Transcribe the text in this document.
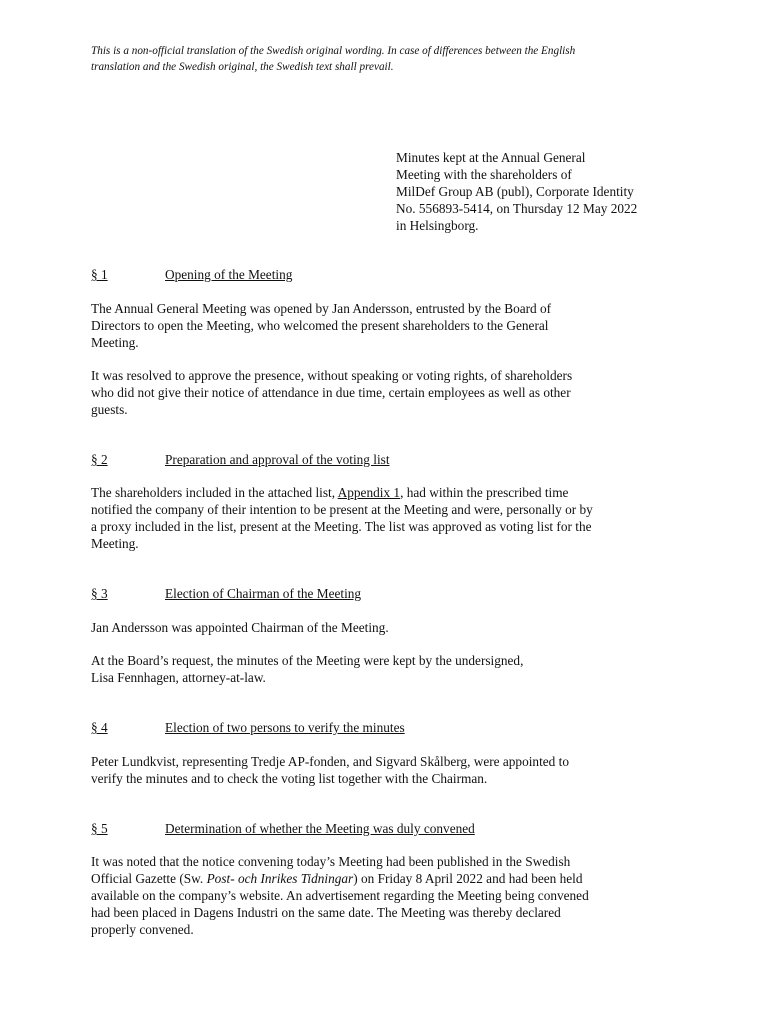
This is a non-official translation of the Swedish original wording. In case of differences between the English
translation and the Swedish original, the Swedish text shall prevail.

Minutes kept at the Annual General
Meeting with the shareholders of
MilDef Group AB (publ), Corporate Identity
No. 556893-5414, on Thursday 12 May 2022
in Helsingborg.

§ 1	Opening of the Meeting

The Annual General Meeting was opened by Jan Andersson, entrusted by the Board of
Directors to open the Meeting, who welcomed the present shareholders to the General
Meeting.

It was resolved to approve the presence, without speaking or voting rights, of shareholders
who did not give their notice of attendance in due time, certain employees as well as other
guests.

§ 2	Preparation and approval of the voting list

The shareholders included in the attached list, Appendix 1, had within the prescribed time
notified the company of their intention to be present at the Meeting and were, personally or by
a proxy included in the list, present at the Meeting. The list was approved as voting list for the
Meeting.

§ 3	Election of Chairman of the Meeting

Jan Andersson was appointed Chairman of the Meeting.

At the Board’s request, the minutes of the Meeting were kept by the undersigned,
Lisa Fennhagen, attorney-at-law.

§ 4	Election of two persons to verify the minutes

Peter Lundkvist, representing Tredje AP-fonden, and Sigvard Skålberg, were appointed to
verify the minutes and to check the voting list together with the Chairman.

§ 5	Determination of whether the Meeting was duly convened

It was noted that the notice convening today’s Meeting had been published in the Swedish
Official Gazette (Sw. Post- och Inrikes Tidningar) on Friday 8 April 2022 and had been held
available on the company’s website. An advertisement regarding the Meeting being convened
had been placed in Dagens Industri on the same date. The Meeting was thereby declared
properly convened.
